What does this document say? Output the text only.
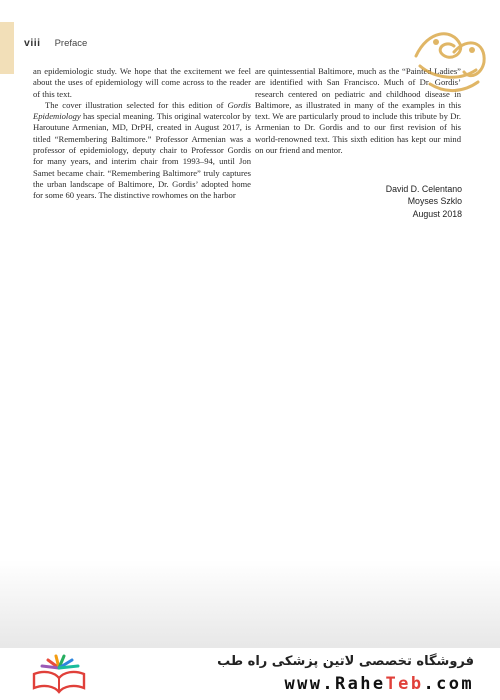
viii Preface

an epidemiologic study. We hope that the excitement we feel about the uses of epidemiology will come across to the reader of this text.

The cover illustration selected for this edition of Gordis Epidemiology has special meaning. This original watercolor by Haroutune Armenian, MD, DrPH, created in August 2017, is titled “Remembering Baltimore.” Professor Armenian was a professor of epidemiology, deputy chair to Professor Gordis for many years, and interim chair from 1993–94, until Jon Samet became chair. “Remembering Baltimore” truly captures the urban landscape of Baltimore, Dr. Gordis’ adopted home for some 60 years. The distinctive rowhomes on the harbor

are quintessential Baltimore, much as the “Painted Ladies” are identified with San Francisco. Much of Dr. Gordis’ research centered on pediatric and childhood disease in Baltimore, as illustrated in many of the examples in this text. We are particularly proud to include this tribute by Dr. Armenian to Dr. Gordis and to our first revision of his world-renowned text. This sixth edition has kept our mind on our friend and mentor.

David D. Celentano
Moyses Szklo
August 2018
فروشگاه تخصصی لاتین پزشکی راه طب
www.RaheTeb.com
